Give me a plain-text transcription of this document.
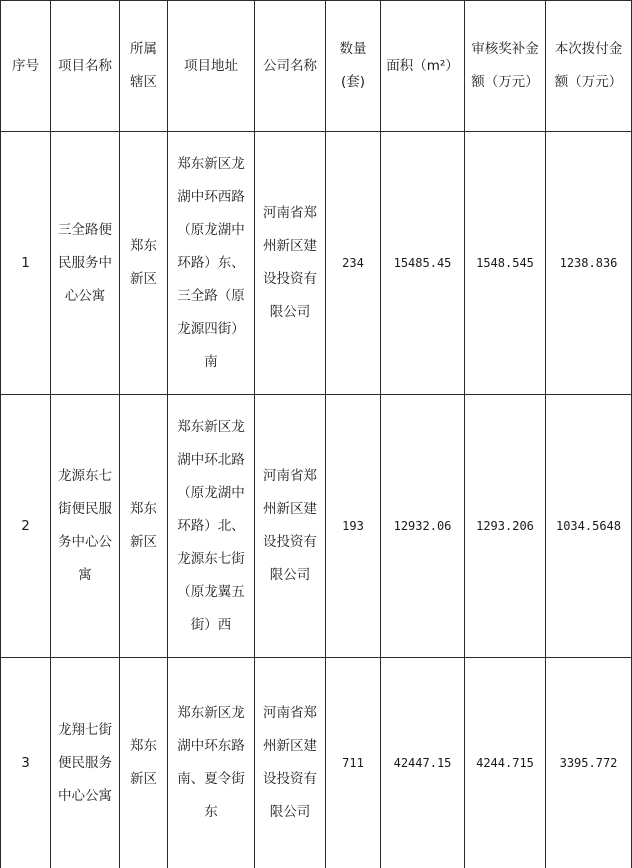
序号	项目名称	所属辖区	项目地址	公司名称	数量(套)	面积（m²）	审核奖补金额（万元）	本次拨付金额（万元）

1	三全路便民服务中心公寓	郑东新区	郑东新区龙湖中环西路（原龙湖中环路）东、三全路（原龙源四街）南	河南省郑州新区建设投资有限公司	234	15485.45	1548.545	1238.836

2	龙源东七街便民服务中心公寓	郑东新区	郑东新区龙湖中环北路（原龙湖中环路）北、龙源东七街（原龙翼五街）西	河南省郑州新区建设投资有限公司	193	12932.06	1293.206	1034.5648

3	龙翔七街便民服务中心公寓	郑东新区	郑东新区龙湖中环东路南、夏令街东	河南省郑州新区建设投资有限公司	711	42447.15	4244.715	3395.772
